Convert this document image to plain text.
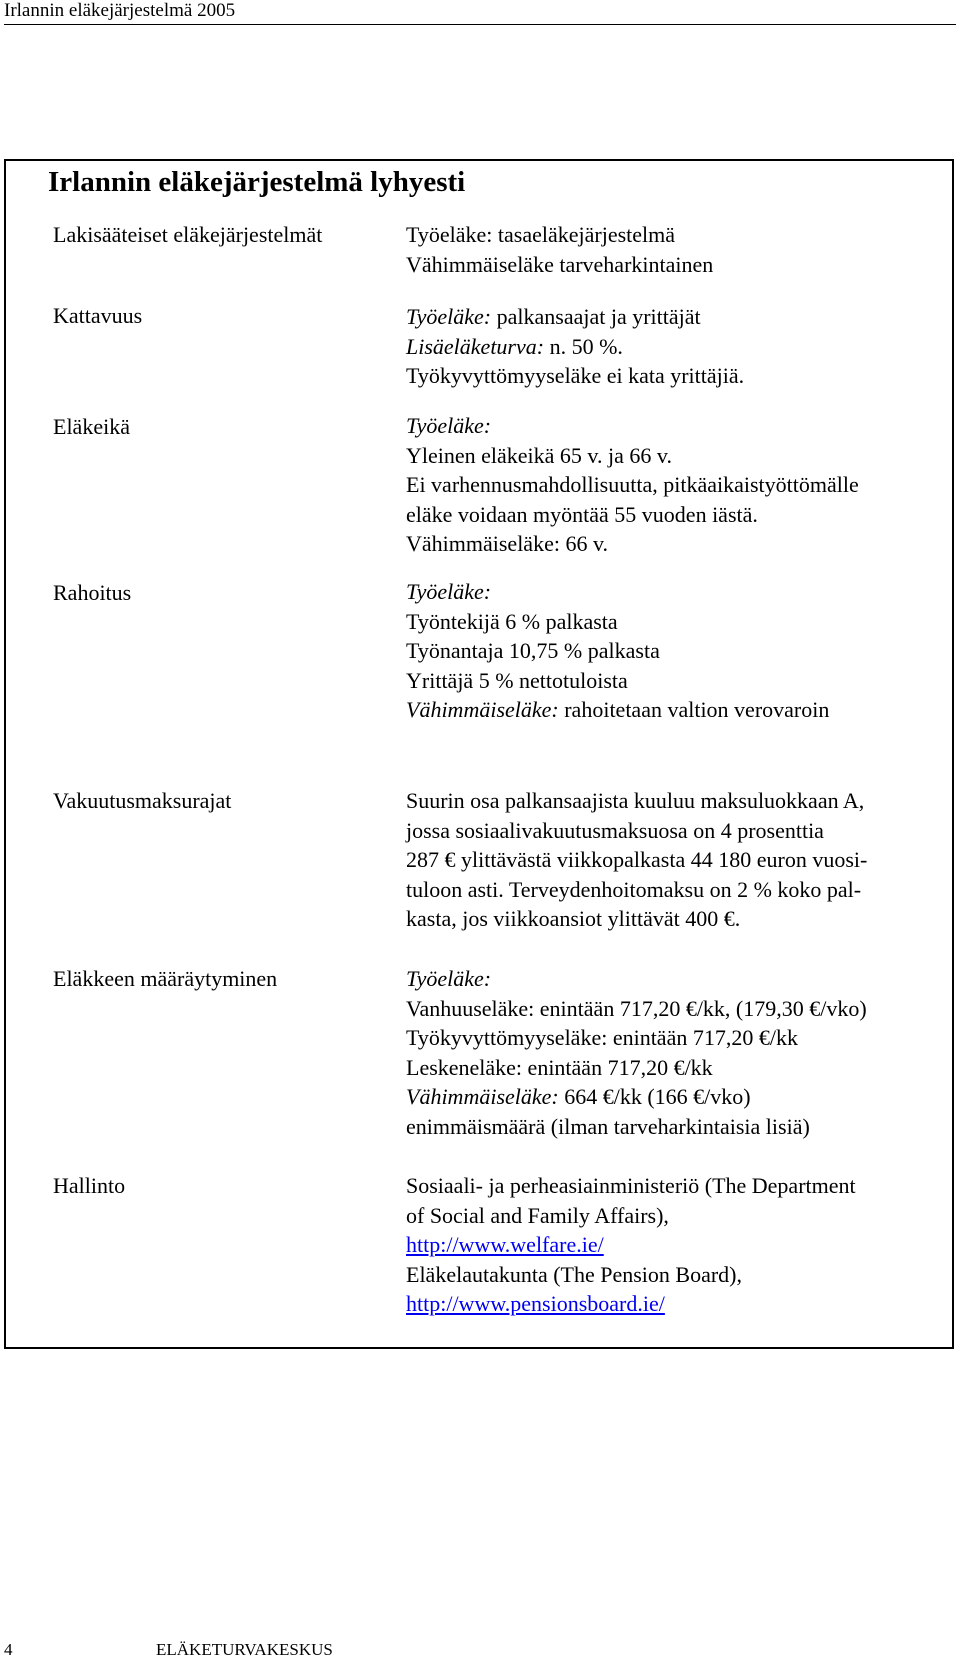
Irlannin eläkejärjestelmä 2005
Irlannin eläkejärjestelmä lyhyesti
Lakisääteiset eläkejärjestelmät	Työeläke: tasaeläkejärjestelmä
Vähimmäiseläke tarveharkintainen
Kattavuus	Työeläke: palkansaajat ja yrittäjät
Lisäeläketurva: n. 50 %.
Työkyvyttömyyseläke ei kata yrittäjiä.
Eläkeikä	Työeläke:
Yleinen eläkeikä 65 v. ja 66 v.
Ei varhennusmahdollisuutta, pitkäaikaistyöttömälle
eläke voidaan myöntää 55 vuoden iästä.
Vähimmäiseläke: 66 v.
Rahoitus	Työeläke:
Työntekijä 6 % palkasta
Työnantaja 10,75 % palkasta
Yrittäjä 5 % nettotuloista
Vähimmäiseläke: rahoitetaan valtion verovaroin
Vakuutusmaksurajat	Suurin osa palkansaajista kuuluu maksuluokkaan A,
jossa sosiaalivakuutusmaksuosa on 4 prosenttia
287 € ylittävästä viikkopalkasta 44 180 euron vuosi-
tuloon asti. Terveydenhoitomaksu on 2 % koko pal-
kasta, jos viikkoansiot ylittävät 400 €.
Eläkkeen määräytyminen	Työeläke:
Vanhuuseläke: enintään 717,20 €/kk, (179,30 €/vko)
Työkyvyttömyyseläke: enintään 717,20 €/kk
Leskeneläke: enintään 717,20 €/kk
Vähimmäiseläke: 664 €/kk (166 €/vko)
enimmäismäärä (ilman tarveharkintaisia lisiä)
Hallinto	Sosiaali- ja perheasiainministeriö (The Department
of Social and Family Affairs),
http://www.welfare.ie/
Eläkelautakunta (The Pension Board),
http://www.pensionsboard.ie/
4	ELÄKETURVAKESKUS
